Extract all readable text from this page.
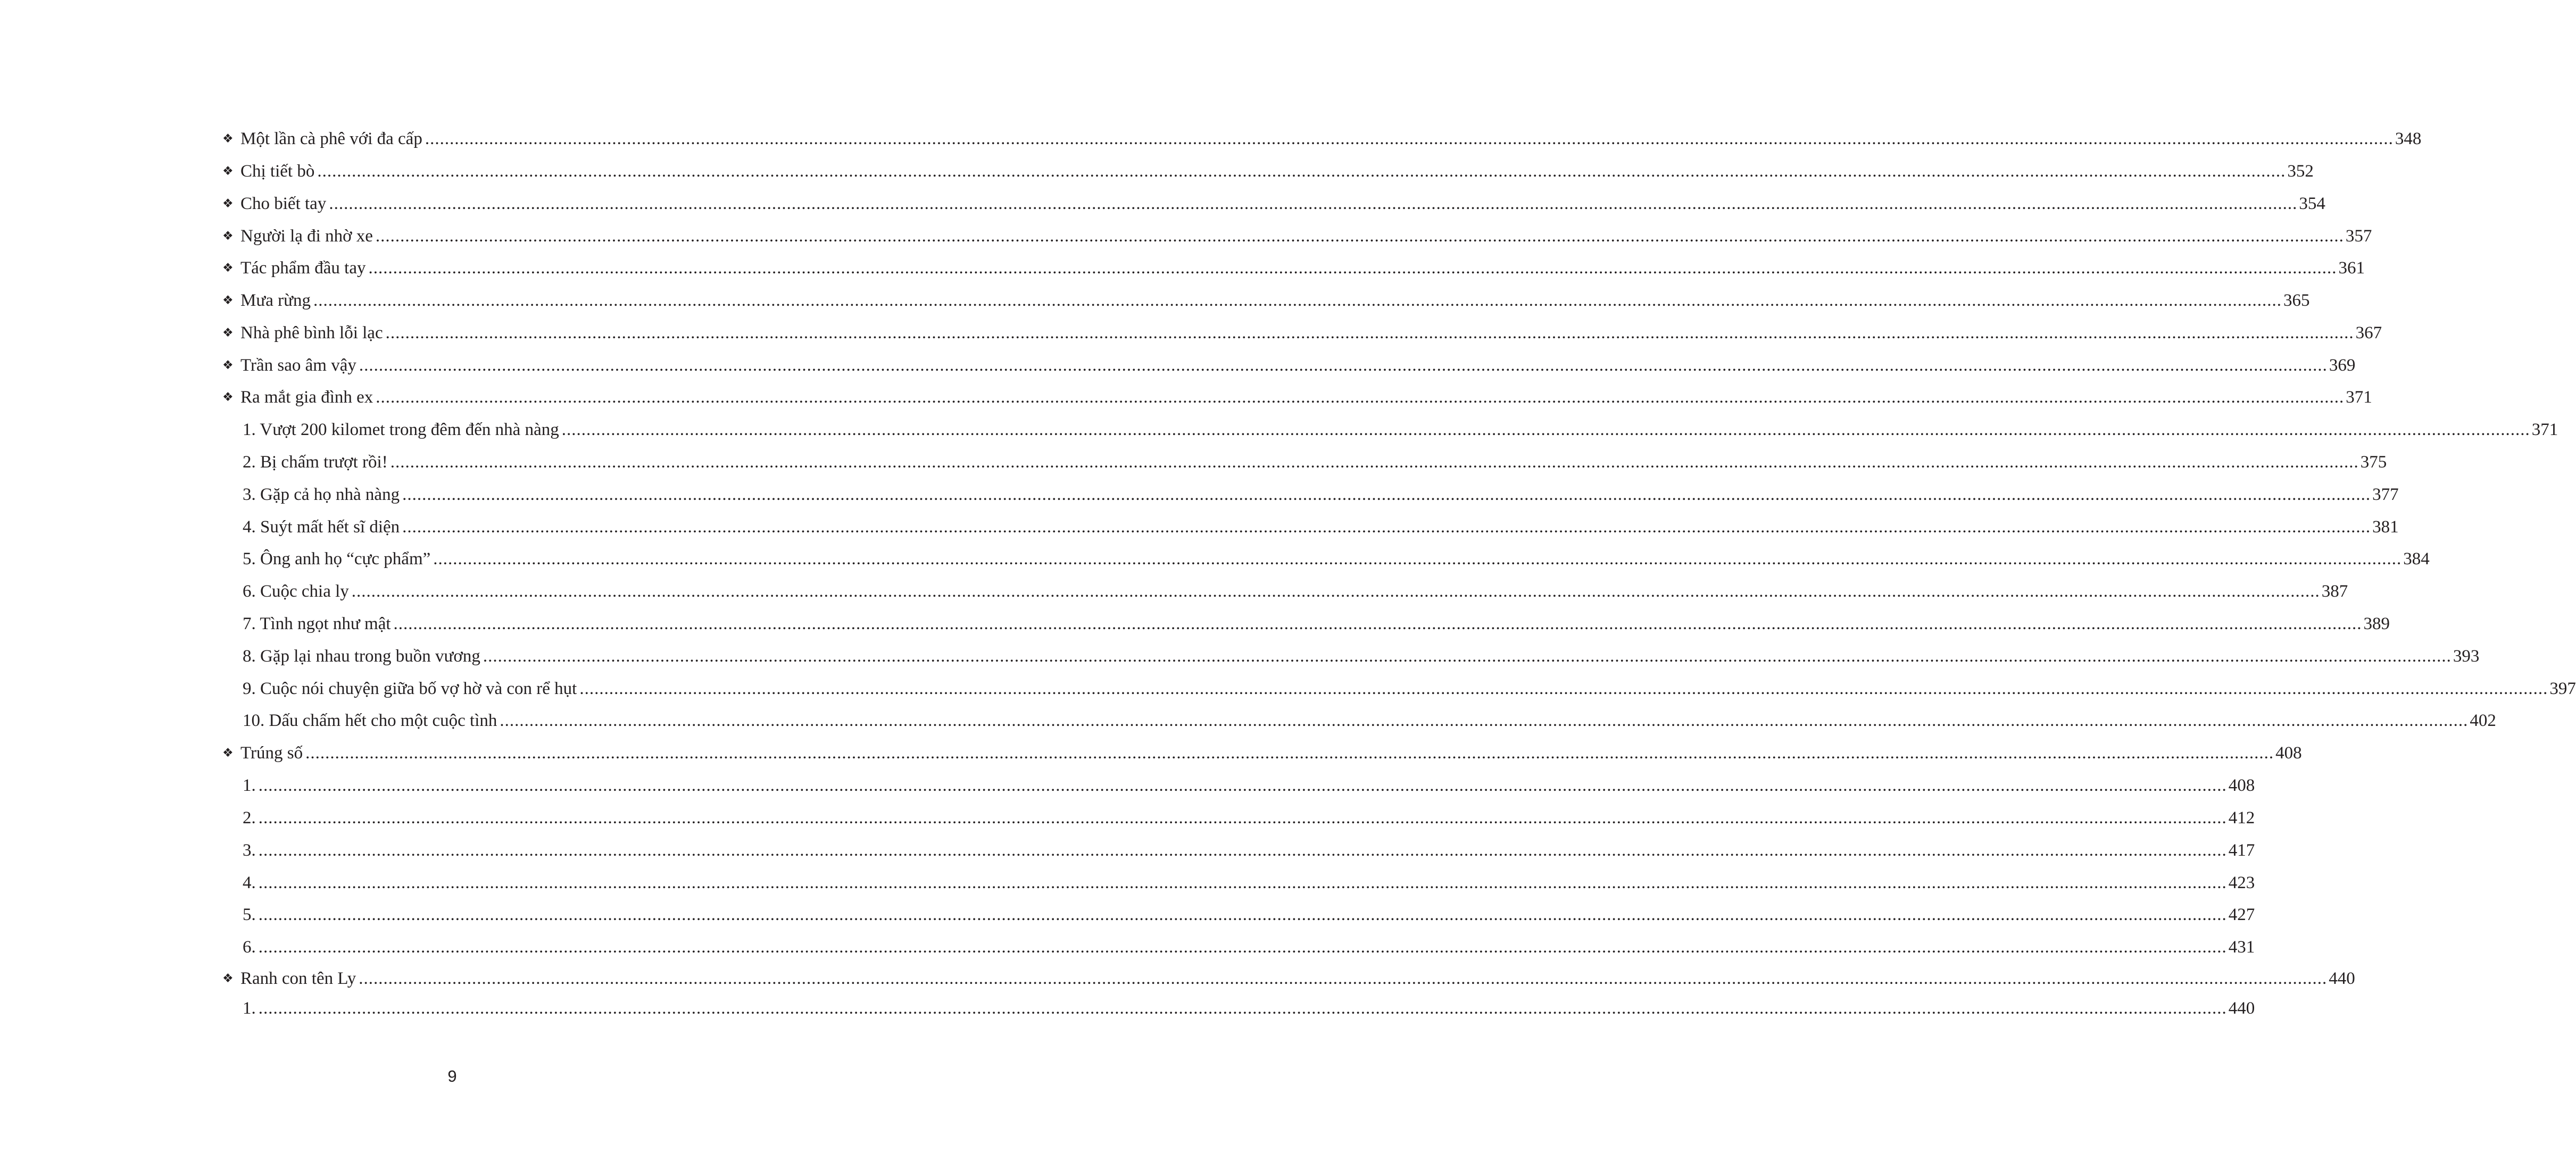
❖ Một lần cà phê với đa cấp ................................................................................................................................................................................................................................................................................................................................................................................................................ 348
❖ Chị tiết bò ................................................................................................................................................................................................................................................................................................................................................................................................................ 352
❖ Cho biết tay ................................................................................................................................................................................................................................................................................................................................................................................................................ 354
❖ Người lạ đi nhờ xe ................................................................................................................................................................................................................................................................................................................................................................................................................ 357
❖ Tác phẩm đầu tay ................................................................................................................................................................................................................................................................................................................................................................................................................ 361
❖ Mưa rừng ................................................................................................................................................................................................................................................................................................................................................................................................................ 365
❖ Nhà phê bình lỗi lạc ................................................................................................................................................................................................................................................................................................................................................................................................................ 367
❖ Trần sao âm vậy ................................................................................................................................................................................................................................................................................................................................................................................................................ 369
❖ Ra mắt gia đình ex ................................................................................................................................................................................................................................................................................................................................................................................................................ 371
1. Vượt 200 kilomet trong đêm đến nhà nàng ................................................................................................................................................................................................................................................................................................................................................................................................................ 371
2. Bị chấm trượt rồi! ................................................................................................................................................................................................................................................................................................................................................................................................................ 375
3. Gặp cả họ nhà nàng ................................................................................................................................................................................................................................................................................................................................................................................................................ 377
4. Suýt mất hết sĩ diện ................................................................................................................................................................................................................................................................................................................................................................................................................ 381
5. Ông anh họ “cực phẩm” ................................................................................................................................................................................................................................................................................................................................................................................................................ 384
6. Cuộc chia ly ................................................................................................................................................................................................................................................................................................................................................................................................................ 387
7. Tình ngọt như mật ................................................................................................................................................................................................................................................................................................................................................................................................................ 389
8. Gặp lại nhau trong buồn vương ................................................................................................................................................................................................................................................................................................................................................................................................................ 393
9. Cuộc nói chuyện giữa bố vợ hờ và con rể hụt ................................................................................................................................................................................................................................................................................................................................................................................................................ 397
10. Dấu chấm hết cho một cuộc tình ................................................................................................................................................................................................................................................................................................................................................................................................................ 402
❖ Trúng số ................................................................................................................................................................................................................................................................................................................................................................................................................ 408
1. ................................................................................................................................................................................................................................................................................................................................................................................................................ 408
2. ................................................................................................................................................................................................................................................................................................................................................................................................................ 412
3. ................................................................................................................................................................................................................................................................................................................................................................................................................ 417
4. ................................................................................................................................................................................................................................................................................................................................................................................................................ 423
5. ................................................................................................................................................................................................................................................................................................................................................................................................................ 427
6. ................................................................................................................................................................................................................................................................................................................................................................................................................ 431
❖ Ranh con tên Ly ................................................................................................................................................................................................................................................................................................................................................................................................................ 440
1. ................................................................................................................................................................................................................................................................................................................................................................................................................ 440
9
